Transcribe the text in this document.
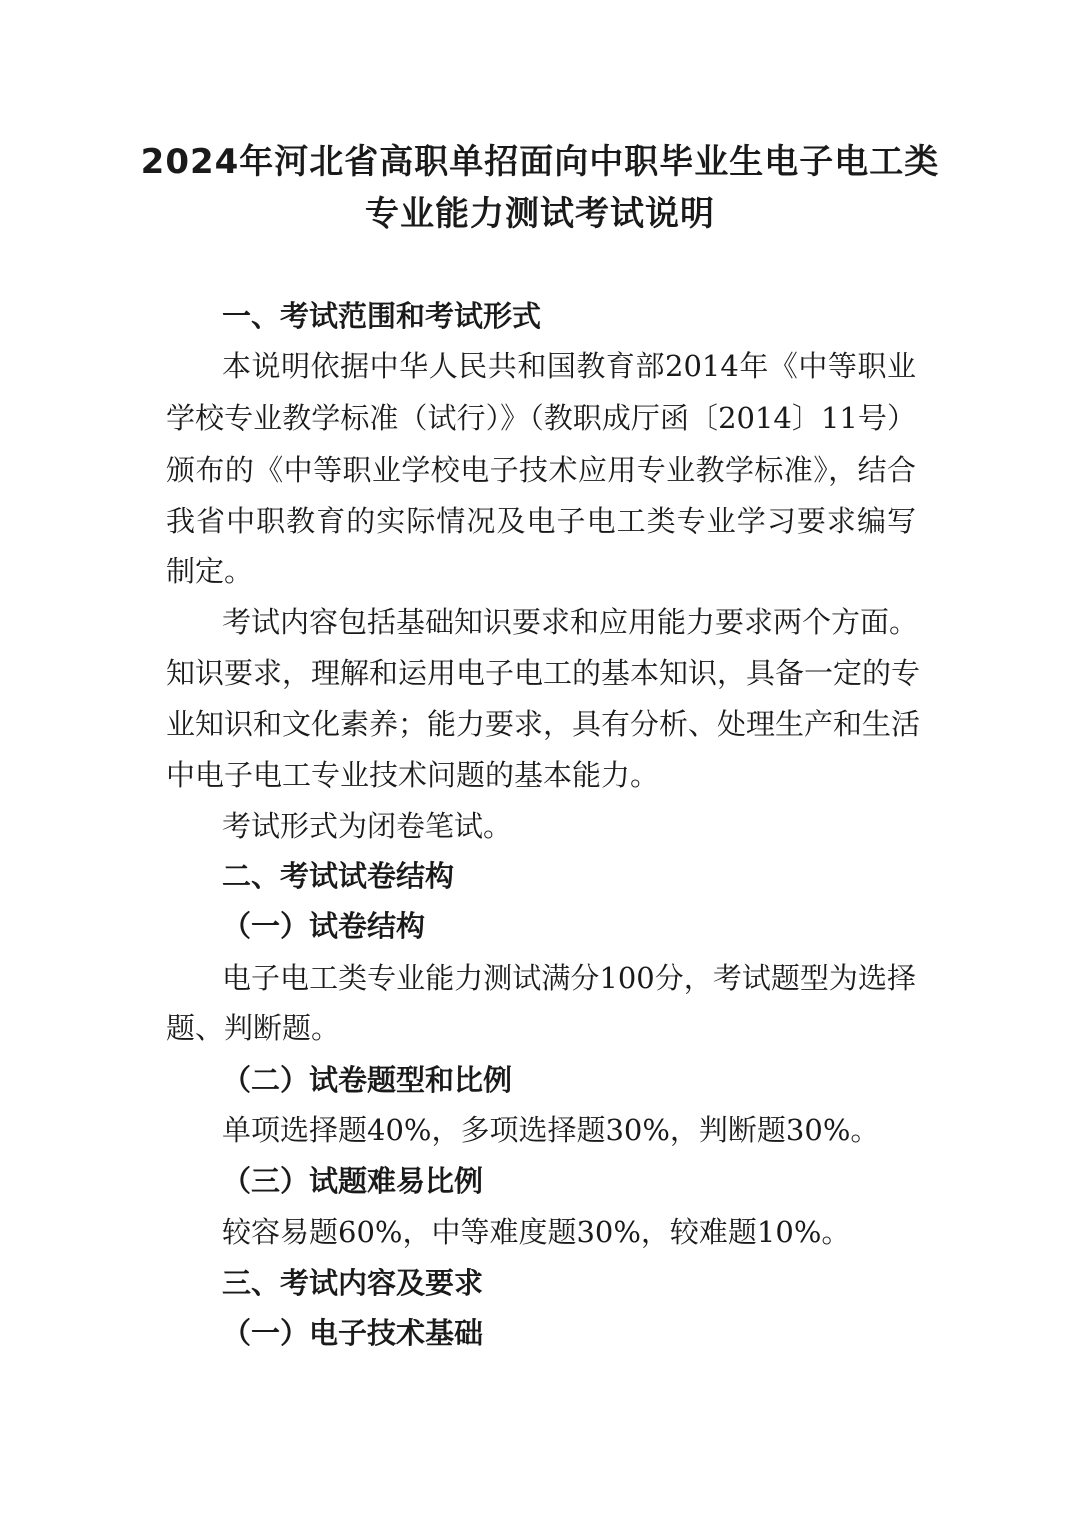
2024年河北省高职单招面向中职毕业生电子电工类
专业能力测试考试说明

一、考试范围和考试形式

本说明依据中华人民共和国教育部2014年《中等职业

学校专业教学标准（试行）》（教职成厅函〔2014〕11号）

颁布的《中等职业学校电子技术应用专业教学标准》，结合

我省中职教育的实际情况及电子电工类专业学习要求编写

制定。

考试内容包括基础知识要求和应用能力要求两个方面。

知识要求，理解和运用电子电工的基本知识，具备一定的专

业知识和文化素养；能力要求，具有分析、处理生产和生活

中电子电工专业技术问题的基本能力。

考试形式为闭卷笔试。

二、考试试卷结构

（一）试卷结构

电子电工类专业能力测试满分100分，考试题型为选择

题、判断题。

（二）试卷题型和比例

单项选择题40%，多项选择题30%，判断题30%。

（三）试题难易比例

较容易题60%，中等难度题30%，较难题10%。

三、考试内容及要求

（一）电子技术基础
